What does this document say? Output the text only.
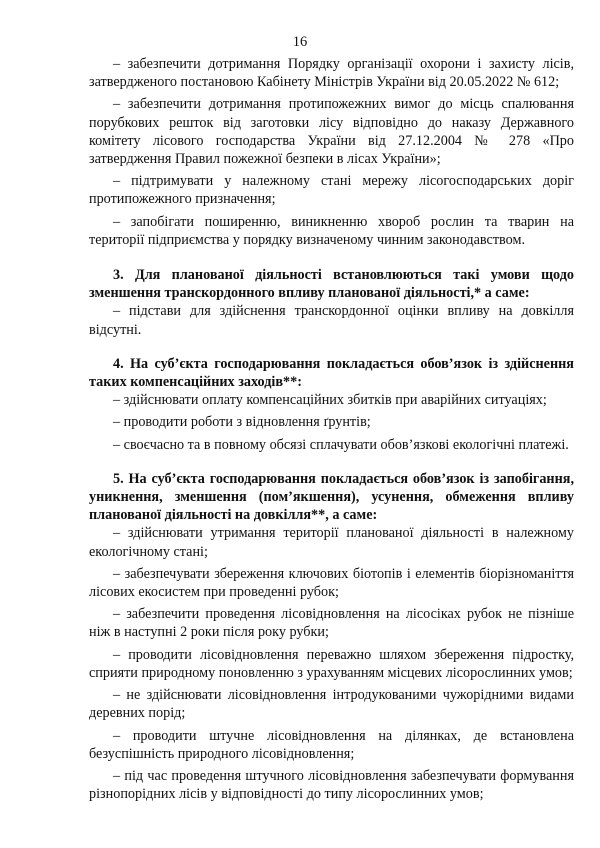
16

– забезпечити дотримання Порядку організації охорони і захисту лісів, затвердженого постановою Кабінету Міністрів України від 20.05.2022 № 612;

– забезпечити дотримання протипожежних вимог до місць спалювання порубкових решток від заготовки лісу відповідно до наказу Державного комітету лісового господарства України від 27.12.2004 № 278 «Про затвердження Правил пожежної безпеки в лісах України»;

– підтримувати у належному стані мережу лісогосподарських доріг протипожежного призначення;

– запобігати поширенню, виникненню хвороб рослин та тварин на території підприємства у порядку визначеному чинним законодавством.

3. Для планованої діяльності встановлюються такі умови щодо зменшення транскордонного впливу планованої діяльності,* а саме:

– підстави для здійснення транскордонної оцінки впливу на довкілля відсутні.

4. На суб’єкта господарювання покладається обов’язок із здійснення таких компенсаційних заходів**:

– здійснювати оплату компенсаційних збитків при аварійних ситуаціях;

– проводити роботи з відновлення ґрунтів;

– своєчасно та в повному обсязі сплачувати обов’язкові екологічні платежі.

5. На суб’єкта господарювання покладається обов’язок із запобігання, уникнення, зменшення (пом’якшення), усунення, обмеження впливу планованої діяльності на довкілля**, а саме:

– здійснювати утримання території планованої діяльності в належному екологічному стані;

– забезпечувати збереження ключових біотопів і елементів біорізноманіття лісових екосистем при проведенні рубок;

– забезпечити проведення лісовідновлення на лісосіках рубок не пізніше ніж в наступні 2 роки після року рубки;

– проводити лісовідновлення переважно шляхом збереження підростку, сприяти природному поновленню з урахуванням місцевих лісорослинних умов;

– не здійснювати лісовідновлення інтродукованими чужорідними видами деревних порід;

– проводити штучне лісовідновлення на ділянках, де встановлена безуспішність природного лісовідновлення;

– під час проведення штучного лісовідновлення забезпечувати формування різнопорідних лісів у відповідності до типу лісорослинних умов;
